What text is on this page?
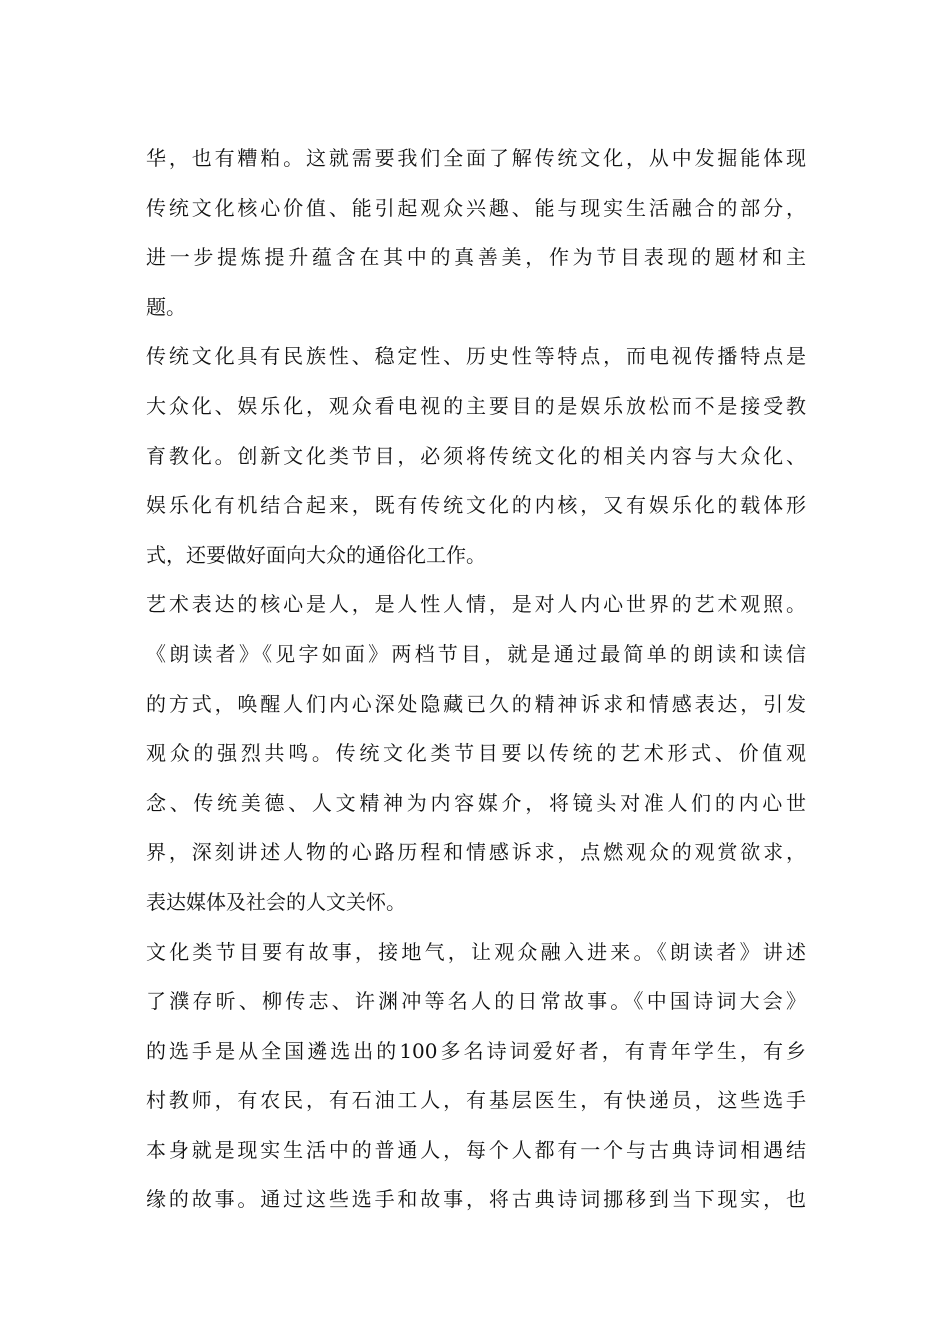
华，也有糟粕。这就需要我们全面了解传统文化，从中发掘能体现
传统文化核心价值、能引起观众兴趣、能与现实生活融合的部分，
进一步提炼提升蕴含在其中的真善美，作为节目表现的题材和主
题。
传统文化具有民族性、稳定性、历史性等特点，而电视传播特点是
大众化、娱乐化，观众看电视的主要目的是娱乐放松而不是接受教
育教化。创新文化类节目，必须将传统文化的相关内容与大众化、
娱乐化有机结合起来，既有传统文化的内核，又有娱乐化的载体形
式，还要做好面向大众的通俗化工作。
艺术表达的核心是人，是人性人情，是对人内心世界的艺术观照。
《朗读者》《见字如面》两档节目，就是通过最简单的朗读和读信
的方式，唤醒人们内心深处隐藏已久的精神诉求和情感表达，引发
观众的强烈共鸣。传统文化类节目要以传统的艺术形式、价值观
念、传统美德、人文精神为内容媒介，将镜头对准人们的内心世
界，深刻讲述人物的心路历程和情感诉求，点燃观众的观赏欲求，
表达媒体及社会的人文关怀。
文化类节目要有故事，接地气，让观众融入进来。《朗读者》讲述
了濮存昕、柳传志、许渊冲等名人的日常故事。《中国诗词大会》
的选手是从全国遴选出的100多名诗词爱好者，有青年学生，有乡
村教师，有农民，有石油工人，有基层医生，有快递员，这些选手
本身就是现实生活中的普通人，每个人都有一个与古典诗词相遇结
缘的故事。通过这些选手和故事，将古典诗词挪移到当下现实，也
